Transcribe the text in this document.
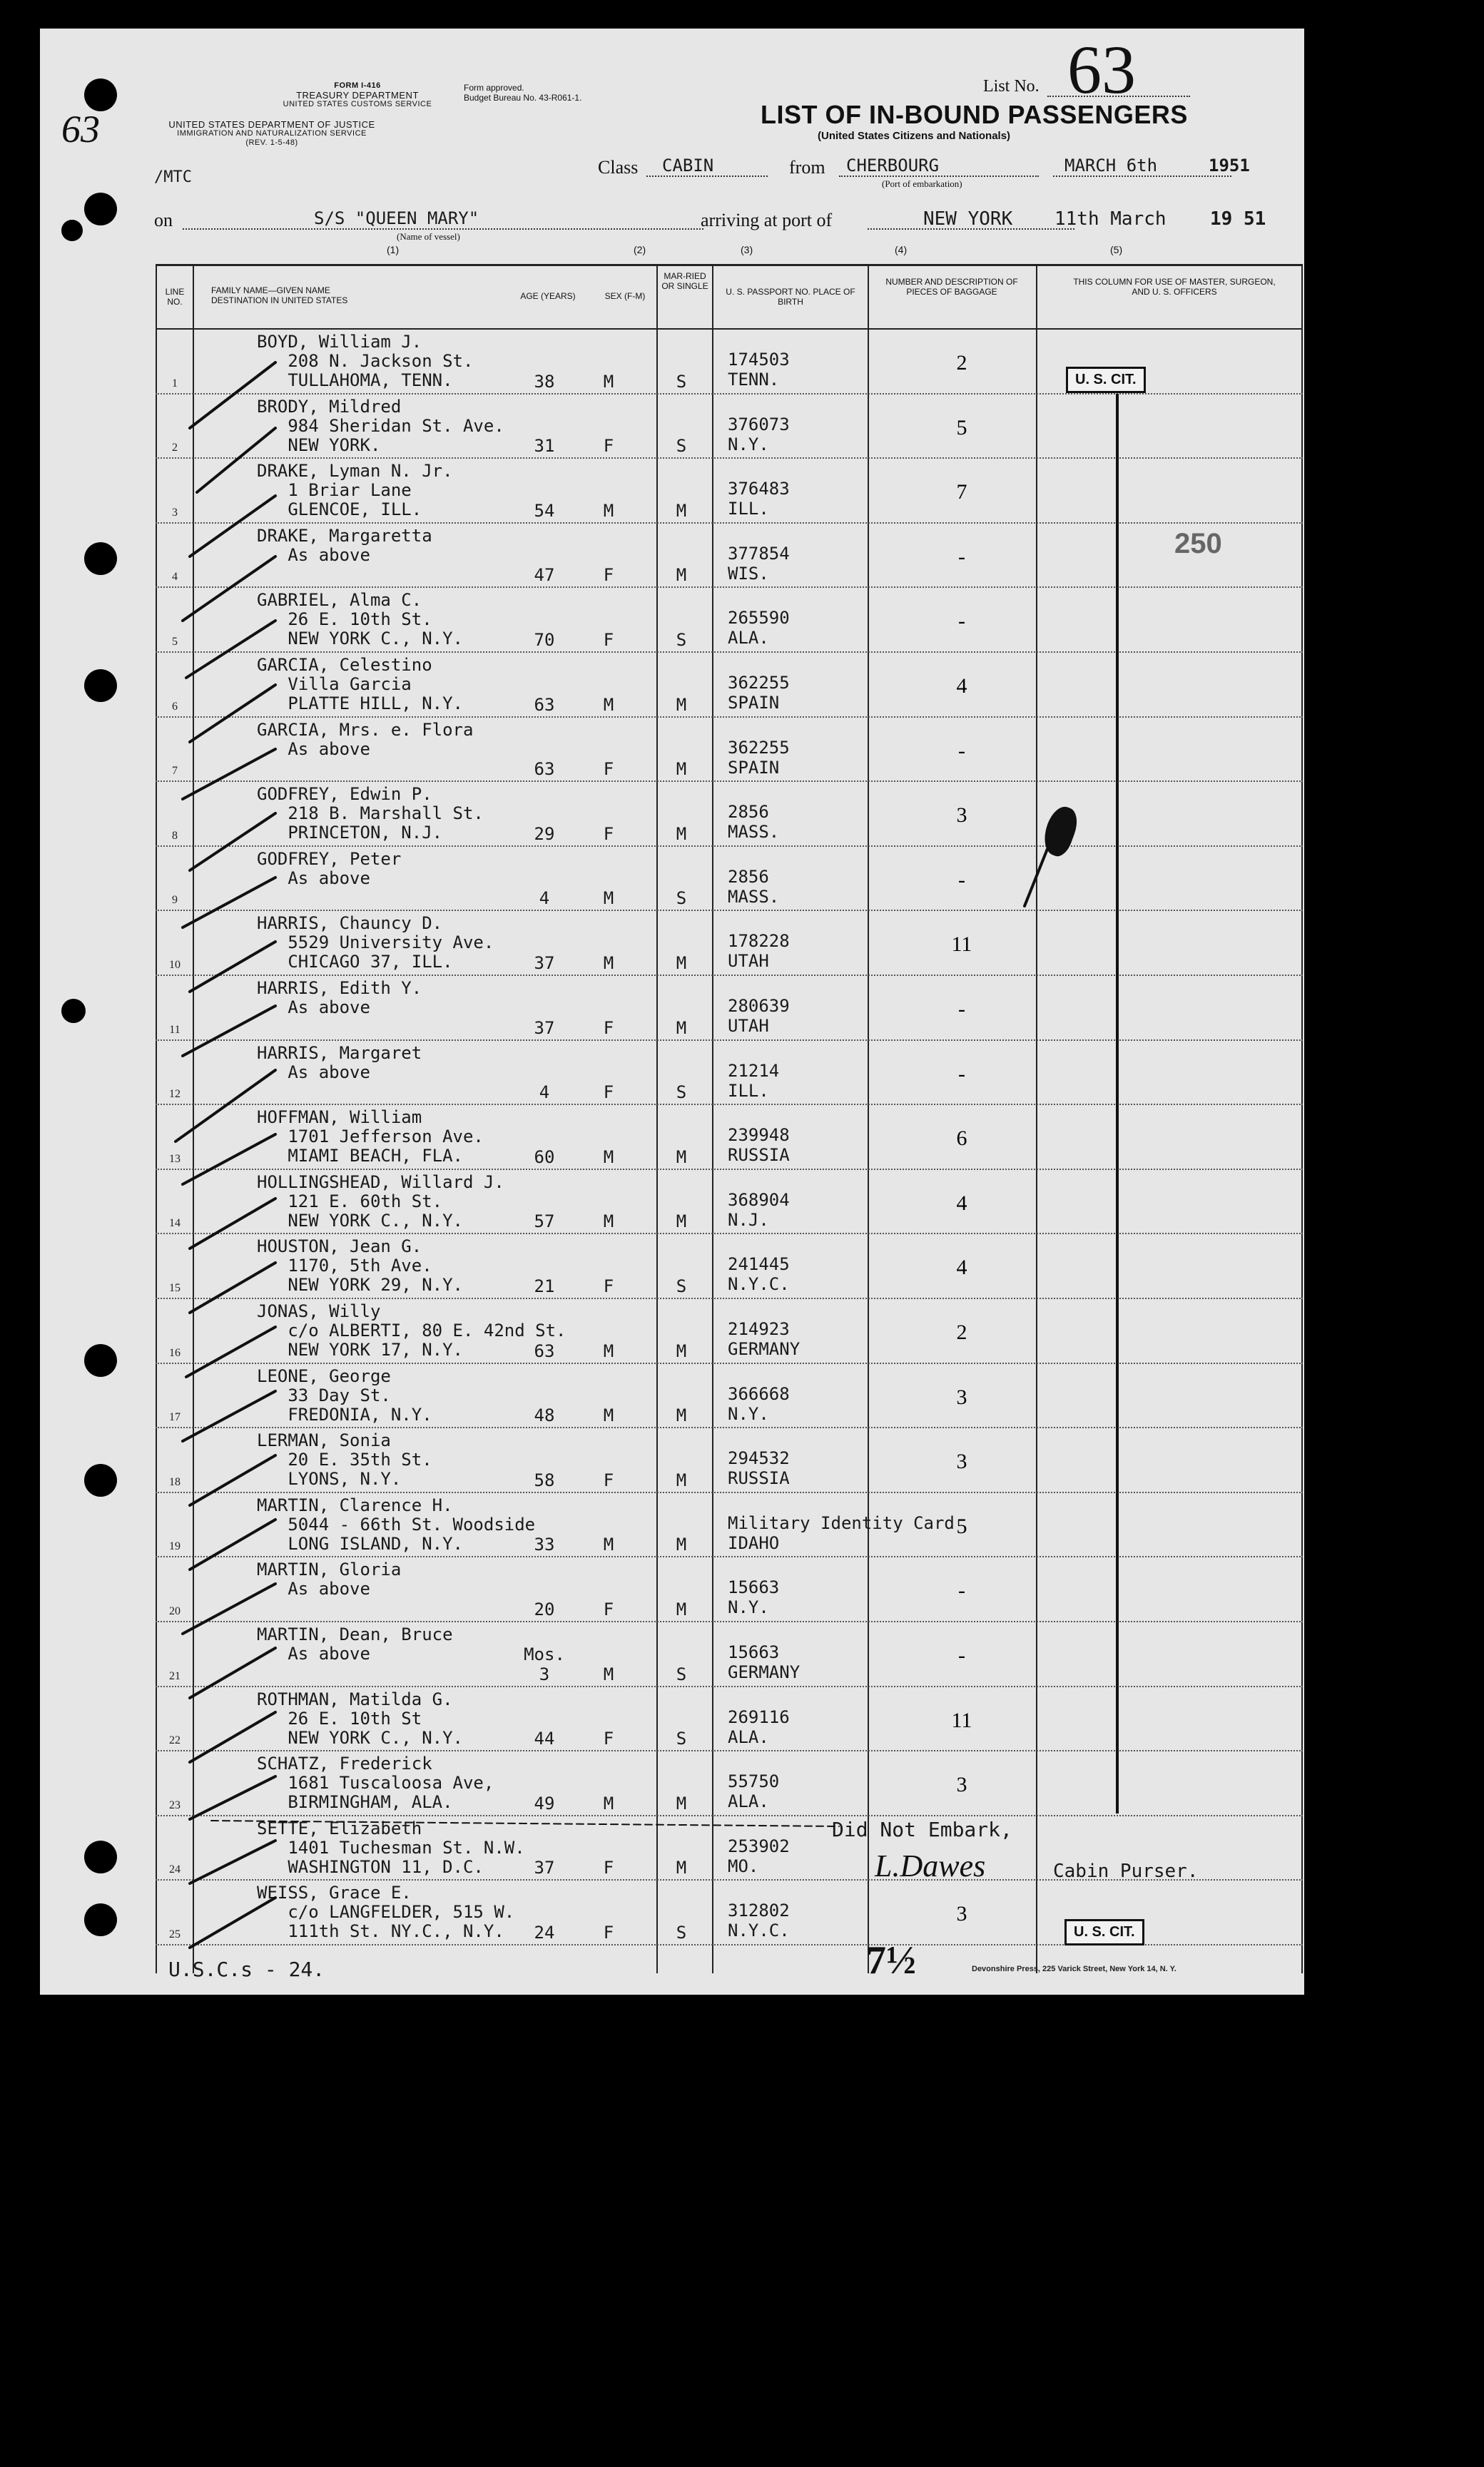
63
FORM I-416
TREASURY DEPARTMENT
UNITED STATES CUSTOMS SERVICE
UNITED STATES DEPARTMENT OF JUSTICE
IMMIGRATION AND NATURALIZATION SERVICE
(REV. 1-5-48)
Form approved.
Budget Bureau No. 43-R061-1.
/MTC
List No. 63
LIST OF IN-BOUND PASSENGERS
(United States Citizens and Nationals)
Class CABIN	from CHERBOURG
(Port of embarkation)
MARCH 6th	1951
on	S/S "QUEEN MARY"
(Name of vessel)
arriving at port of	NEW YORK 11th March 19 51
(1)	(2)	(3)	(4)	(5)
LINE NO.
FAMILY NAME—GIVEN NAME DESTINATION IN UNITED STATES	AGE (YEARS)	SEX (F-M)
MAR-RIED OR SINGLE
U. S. PASSPORT NO. PLACE OF BIRTH
NUMBER AND DESCRIPTION OF PIECES OF BAGGAGE
THIS COLUMN FOR USE OF MASTER, SURGEON, AND U. S. OFFICERS
1
BOYD, William J.
208 N. Jackson St.
TULLAHOMA, TENN.	38	M	S
174503
TENN.
2
2
BRODY, Mildred
984 Sheridan St. Ave.
NEW YORK.	31	F	S
376073
N.Y.
5
3
DRAKE, Lyman N. Jr.
1 Briar Lane
GLENCOE, ILL.	54	M	M
376483
ILL.
7
4
DRAKE, Margaretta
As above
47	F	M
377854
WIS.
-
5
GABRIEL, Alma C.
26 E. 10th St.
NEW YORK C., N.Y.	70	F	S
265590
ALA.
-
6
GARCIA, Celestino
Villa Garcia
PLATTE HILL, N.Y.	63	M	M
362255
SPAIN
4
7
GARCIA, Mrs. e. Flora
As above
63	F	M
362255
SPAIN
-
8
GODFREY, Edwin P.
218 B. Marshall St.
PRINCETON, N.J.	29	F	M
2856
MASS.
3
9
GODFREY, Peter
As above
4	M	S
2856
MASS.
-
10
HARRIS, Chauncy D.
5529 University Ave.
CHICAGO 37, ILL.	37	M	M
178228
UTAH
11
11
HARRIS, Edith Y.
As above
37	F	M
280639
UTAH
-
12
HARRIS, Margaret
As above
4	F	S
21214
ILL.
-
13
HOFFMAN, William
1701 Jefferson Ave.
MIAMI BEACH, FLA.	60	M	M
239948
RUSSIA
6
14
HOLLINGSHEAD, Willard J.
121 E. 60th St.
NEW YORK C., N.Y.	57	M	M
368904
N.J.
4
15
HOUSTON, Jean G.
1170, 5th Ave.
NEW YORK 29, N.Y.	21	F	S
241445
N.Y.C.
4
16
JONAS, Willy
c/o ALBERTI, 80 E. 42nd St.
NEW YORK 17, N.Y.	63	M	M
214923
GERMANY
2
17
LEONE, George
33 Day St.
FREDONIA, N.Y.	48	M	M
366668
N.Y.
3
18
LERMAN, Sonia
20 E. 35th St.
LYONS, N.Y.	58	F	M
294532
RUSSIA
3
19
MARTIN, Clarence H.
5044 - 66th St. Woodside
LONG ISLAND, N.Y.	33	M	M
Military Identity Card
IDAHO
5
20
MARTIN, Gloria
As above
20	F	M
15663
N.Y.
-
21
MARTIN, Dean, Bruce
As above	Mos. 3	M	S
15663
GERMANY
-
22
ROTHMAN, Matilda G.
26 E. 10th St
NEW YORK C., N.Y.	44	F	S
269116
ALA.
11
23
SCHATZ, Frederick
1681 Tuscaloosa Ave,
BIRMINGHAM, ALA.	49	M	M
55750
ALA.
3
24
SETTE, Elizabeth
1401 Tuchesman St. N.W.
WASHINGTON 11, D.C.	37	F	M
253902
MO.
25
WEISS, Grace E.
c/o LANGFELDER, 515 W.
111th St. NY.C., N.Y.	24	F	S
312802
N.Y.C.
3
U. S. CIT.
U. S. CIT.
250
Did Not Embark,
L.Dawes	Cabin Purser.
7½
U.S.C.s - 24.	Devonshire Press, 225 Varick Street, New York 14, N. Y.
